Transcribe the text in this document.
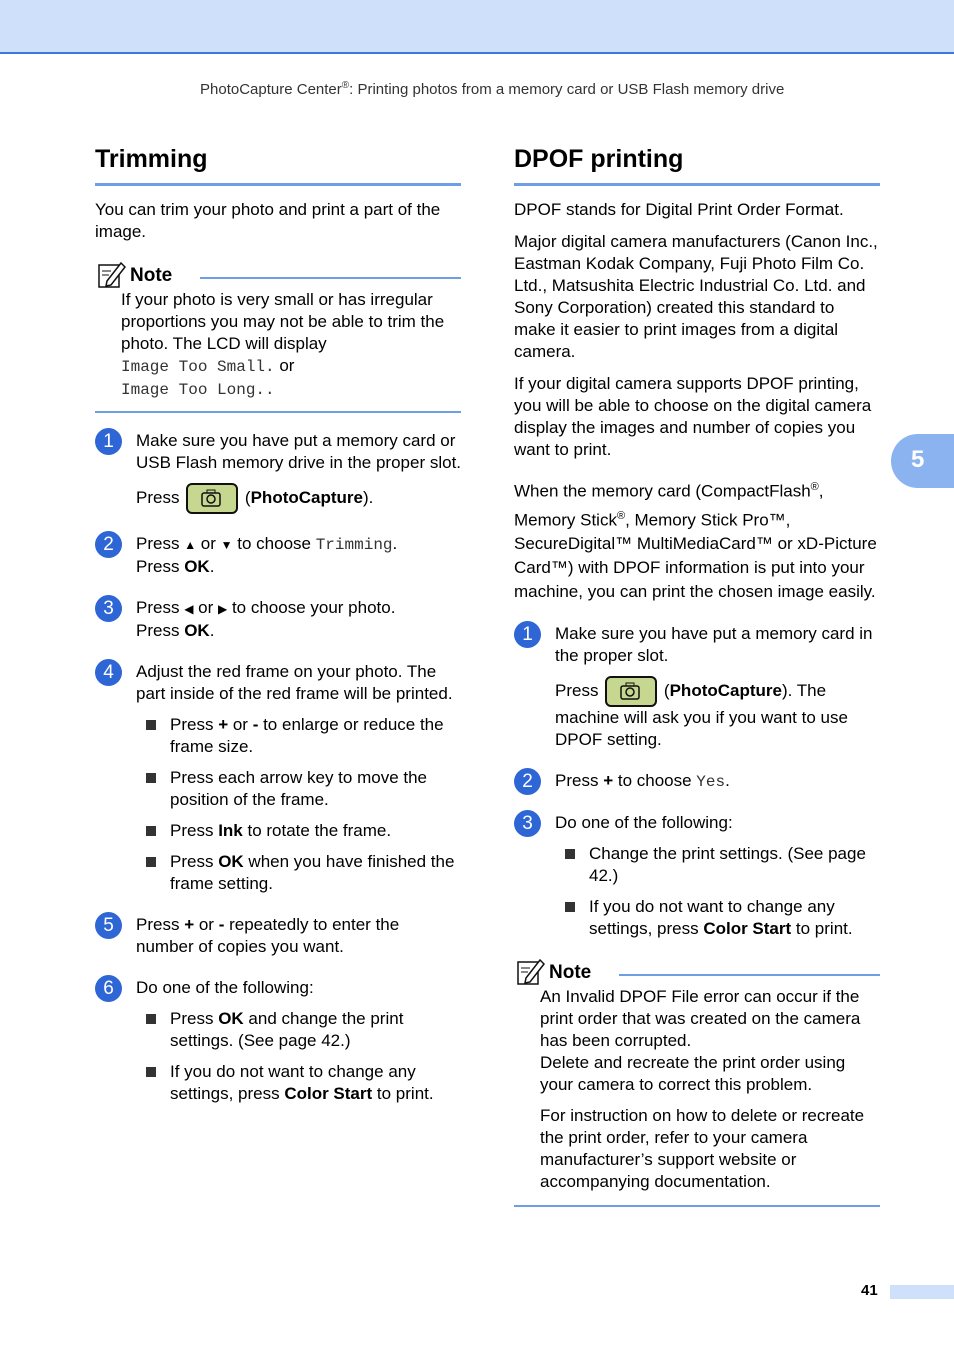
PhotoCapture Center®: Printing photos from a memory card or USB Flash memory drive
Trimming

You can trim your photo and print a part of the image.

Note

If your photo is very small or has irregular proportions you may not be able to trim the photo. The LCD will display

Image Too Small. or

Image Too Long..

1	Make sure you have put a memory card or USB Flash memory drive in the proper slot.

Press	(PhotoCapture).

2	Press ▲ or ▼ to choose Trimming.

Press OK.

3	Press ◀ or ▶ to choose your photo.

Press OK.

4	Adjust the red frame on your photo. The part inside of the red frame will be printed.

Press + or - to enlarge or reduce the frame size.

Press each arrow key to move the position of the frame.

Press Ink to rotate the frame.

Press OK when you have finished the frame setting.

5	Press + or - repeatedly to enter the number of copies you want.

6	Do one of the following:

Press OK and change the print settings. (See page 42.)

If you do not want to change any settings, press Color Start to print.

DPOF printing

DPOF stands for Digital Print Order Format.

Major digital camera manufacturers (Canon Inc., Eastman Kodak Company, Fuji Photo Film Co. Ltd., Matsushita Electric Industrial Co. Ltd. and Sony Corporation) created this standard to make it easier to print images from a digital camera.

If your digital camera supports DPOF printing, you will be able to choose on the digital camera display the images and number of copies you want to print.

When the memory card (CompactFlash®, Memory Stick®, Memory Stick Pro™, SecureDigital™ MultiMediaCard™ or xD-Picture Card™) with DPOF information is put into your machine, you can print the chosen image easily.

1	Make sure you have put a memory card in the proper slot.

Press	(PhotoCapture). The machine will ask you if you want to use DPOF setting.

2	Press + to choose Yes.

3	Do one of the following:

Change the print settings. (See page 42.)

If you do not want to change any settings, press Color Start to print.

Note

An Invalid DPOF File error can occur if the print order that was created on the camera has been corrupted.

Delete and recreate the print order using your camera to correct this problem.

For instruction on how to delete or recreate the print order, refer to your camera manufacturer’s support website or accompanying documentation.

5
41
